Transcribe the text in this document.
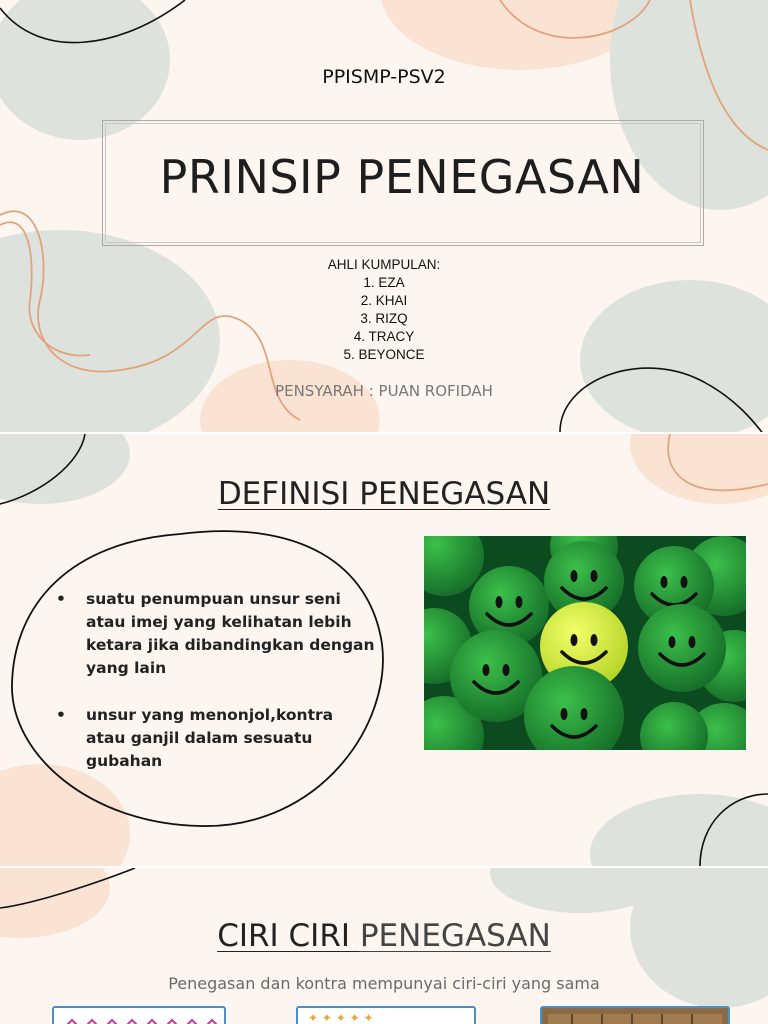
PPISMP-PSV2
PRINSIP PENEGASAN
AHLI KUMPULAN:
1. EZA
2. KHAI
3. RIZQ
4. TRACY
5. BEYONCE
PENSYARAH : PUAN ROFIDAH
DEFINISI PENEGASAN
• suatu penumpuan unsur seni atau imej yang kelihatan lebih ketara jika dibandingkan dengan yang lain
• unsur yang menonjol,kontra atau ganjil dalam sesuatu gubahan
CIRI CIRI PENEGASAN
Penegasan dan kontra mempunyai ciri-ciri yang sama
✦ ✦ ✦ ✦ ✦
